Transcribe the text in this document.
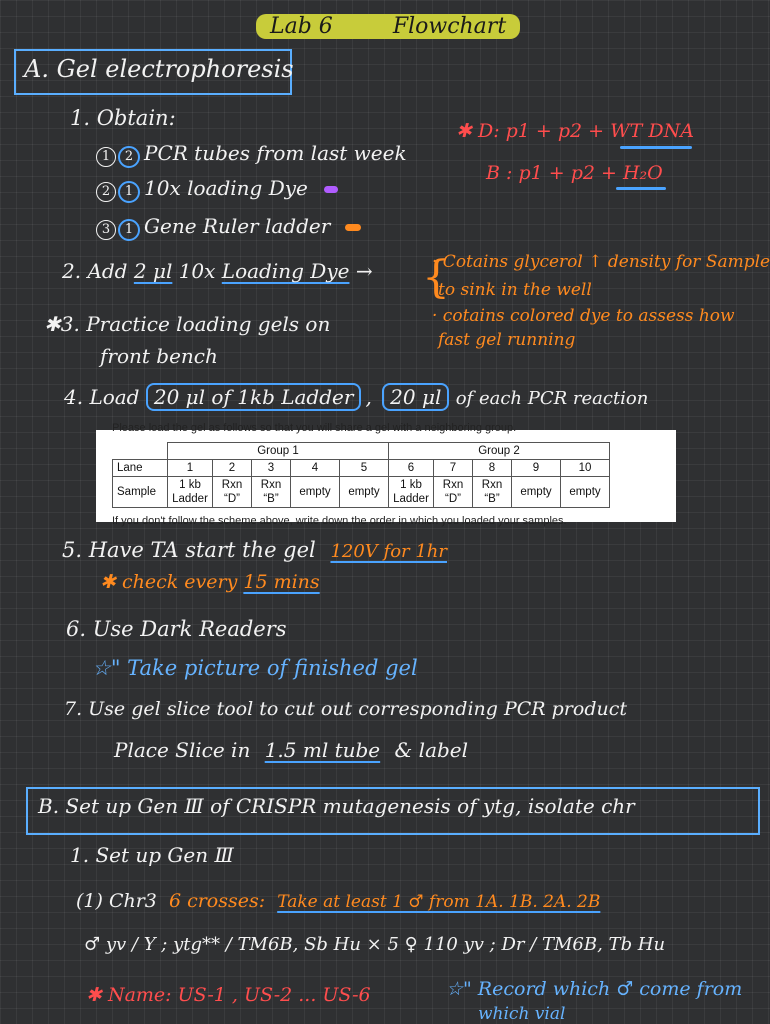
Lab 6	Flowchart
A. Gel electrophoresis
1. Obtain:
1 2 PCR tubes from last week
2 1 10x loading Dye
3 1 Gene Ruler ladder
✱ D: p1 + p2 + WT DNA
B : p1 + p2 + H₂O
2. Add 2 μl 10x Loading Dye → {
· Cotains glycerol ↑ density for Sample
to sink in the well
· cotains colored dye to assess how
fast gel running
✱3. Practice loading gels on
front bench
4. Load 20 μl of 1kb Ladder , 20 μl of each PCR reaction
Please load the gel as follows so that you will share a gel with a neighboring group.
	Group 1					Group 2				
Lane	1	2	3	4	5	6	7	8	9	10
Sample	1 kb Ladder	Rxn “D”	Rxn “B”	empty	empty	1 kb Ladder	Rxn “D”	Rxn “B”	empty	empty
If you don't follow the scheme above, write down the order in which you loaded your samples.
5. Have TA start the gel 120V for 1hr
✱ check every 15 mins
6. Use Dark Readers
☆" Take picture of finished gel
7. Use gel slice tool to cut out corresponding PCR product
Place Slice in 1.5 ml tube & label
B. Set up Gen Ⅲ of CRISPR mutagenesis of ytg, isolate chr
1. Set up Gen Ⅲ
(1) Chr3 6 crosses: Take at least 1 ♂ from 1A. 1B. 2A. 2B
♂ yv / Y ; ytg** / TM6B, Sb Hu × 5 ♀ 110 yv ; Dr / TM6B, Tb Hu
✱ Name: US-1 , US-2 ... US-6	☆" Record which ♂ come from
which vial
